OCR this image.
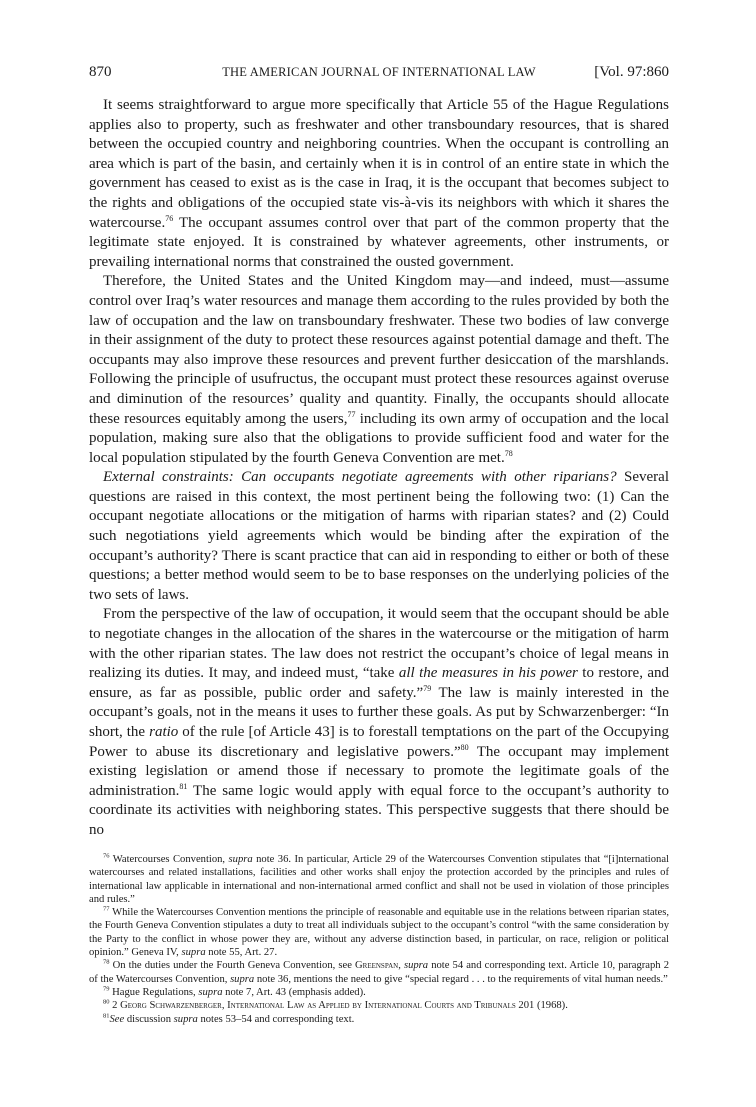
870	THE AMERICAN JOURNAL OF INTERNATIONAL LAW	[Vol. 97:860

It seems straightforward to argue more specifically that Article 55 of the Hague Regulations applies also to property, such as freshwater and other transboundary resources, that is shared between the occupied country and neighboring countries. When the occupant is controlling an area which is part of the basin, and certainly when it is in control of an entire state in which the government has ceased to exist as is the case in Iraq, it is the occupant that becomes subject to the rights and obligations of the occupied state vis-à-vis its neighbors with which it shares the watercourse.$^{76}$ The occupant assumes control over that part of the common property that the legitimate state enjoyed. It is constrained by whatever agreements, other instruments, or prevailing international norms that constrained the ousted government.

Therefore, the United States and the United Kingdom may—and indeed, must—assume control over Iraq’s water resources and manage them according to the rules provided by both the law of occupation and the law on transboundary freshwater. These two bodies of law converge in their assignment of the duty to protect these resources against potential damage and theft. The occupants may also improve these resources and prevent further desiccation of the marshlands. Following the principle of usufructus, the occupant must protect these resources against overuse and diminution of the resources’ quality and quantity. Finally, the occupants should allocate these resources equitably among the users,$^{77}$ including its own army of occupation and the local population, making sure also that the obligations to provide sufficient food and water for the local population stipulated by the fourth Geneva Convention are met.$^{78}$

External constraints: Can occupants negotiate agreements with other riparians? Several questions are raised in this context, the most pertinent being the following two: (1) Can the occupant negotiate allocations or the mitigation of harms with riparian states? and (2) Could such negotiations yield agreements which would be binding after the expiration of the occupant’s authority? There is scant practice that can aid in responding to either or both of these questions; a better method would seem to be to base responses on the underlying policies of the two sets of laws.

From the perspective of the law of occupation, it would seem that the occupant should be able to negotiate changes in the allocation of the shares in the watercourse or the mitigation of harm with the other riparian states. The law does not restrict the occupant’s choice of legal means in realizing its duties. It may, and indeed must, “take all the measures in his power to restore, and ensure, as far as possible, public order and safety.”$^{79}$ The law is mainly interested in the occupant’s goals, not in the means it uses to further these goals. As put by Schwarzenberger: “In short, the ratio of the rule [of Article 43] is to forestall temptations on the part of the Occupying Power to abuse its discretionary and legislative powers.”$^{80}$ The occupant may implement existing legislation or amend those if necessary to promote the legitimate goals of the administration.$^{81}$ The same logic would apply with equal force to the occupant’s authority to coordinate its activities with neighboring states. This perspective suggests that there should be no

$^{76}$ Watercourses Convention, supra note 36. In particular, Article 29 of the Watercourses Convention stipulates that “[i]nternational watercourses and related installations, facilities and other works shall enjoy the protection accorded by the principles and rules of international law applicable in international and non-international armed conflict and shall not be used in violation of those principles and rules.”

$^{77}$ While the Watercourses Convention mentions the principle of reasonable and equitable use in the relations between riparian states, the Fourth Geneva Convention stipulates a duty to treat all individuals subject to the occupant’s control “with the same consideration by the Party to the conflict in whose power they are, without any adverse distinction based, in particular, on race, religion or political opinion.” Geneva IV, supra note 55, Art. 27.

$^{78}$ On the duties under the Fourth Geneva Convention, see Greenspan, supra note 54 and corresponding text. Article 10, paragraph 2 of the Watercourses Convention, supra note 36, mentions the need to give “special regard . . . to the requirements of vital human needs.”

$^{79}$ Hague Regulations, supra note 7, Art. 43 (emphasis added).

$^{80}$ 2 Georg Schwarzenberger, International Law as Applied by International Courts and Tribunals 201 (1968).

$^{81}$See discussion supra notes 53–54 and corresponding text.
